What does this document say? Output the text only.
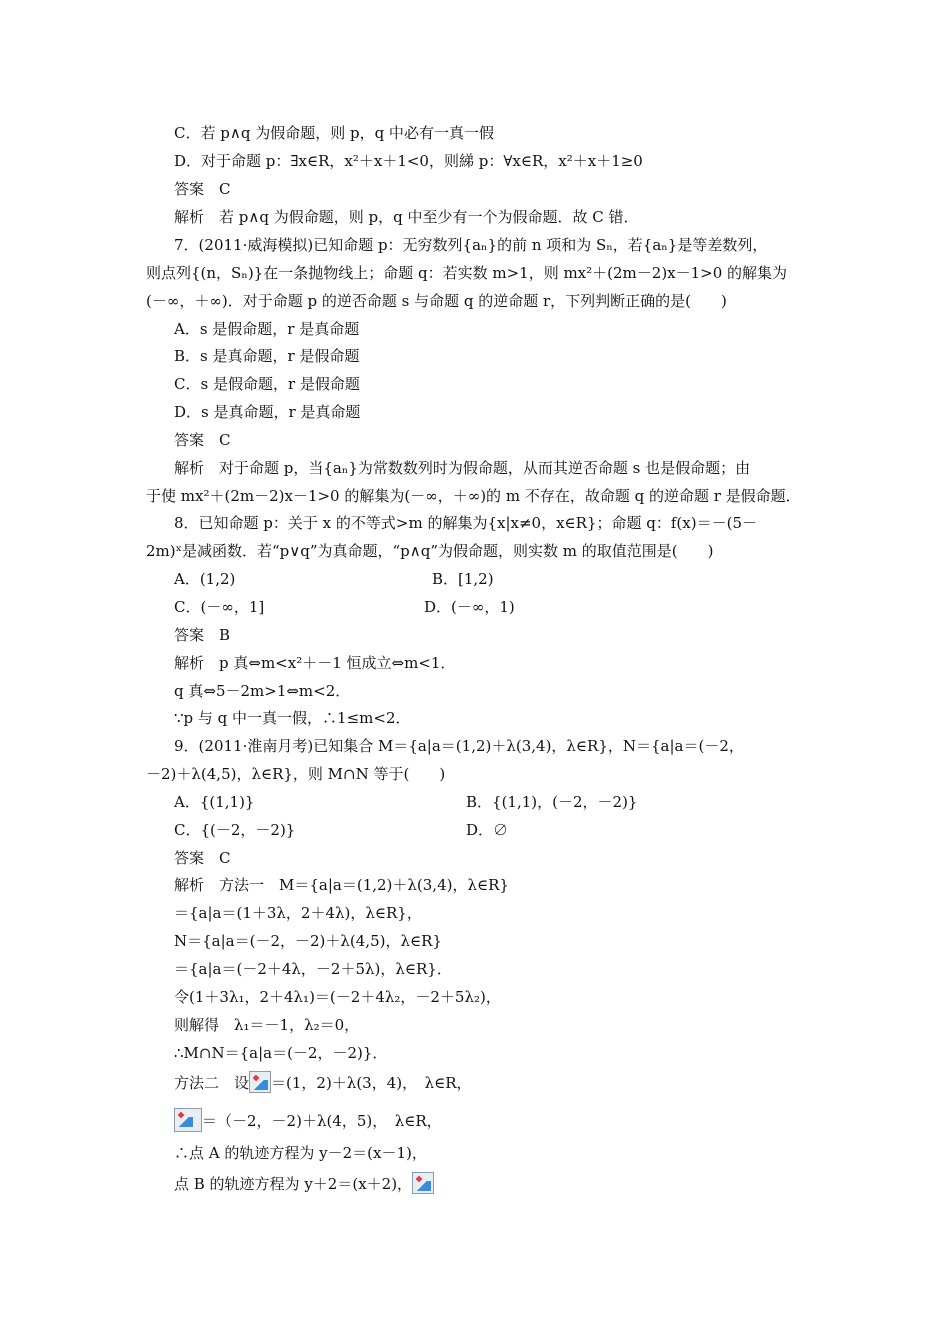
C．若 p∧q 为假命题，则 p，q 中必有一真一假
D．对于命题 p：∃x∈R，x²＋x＋1<0，则綈 p：∀x∈R，x²＋x＋1≥0
答案　C
解析　若 p∧q 为假命题，则 p，q 中至少有一个为假命题．故 C 错．
7．(2011·威海模拟)已知命题 p：无穷数列{aₙ}的前 n 项和为 Sₙ，若{aₙ}是等差数列，
则点列{(n，Sₙ)}在一条抛物线上；命题 q：若实数 m>1，则 mx²＋(2m－2)x－1>0 的解集为
(－∞，＋∞)．对于命题 p 的逆否命题 s 与命题 q 的逆命题 r，下列判断正确的是(　　)
A．s 是假命题，r 是真命题
B．s 是真命题，r 是假命题
C．s 是假命题，r 是假命题
D．s 是真命题，r 是真命题
答案　C
解析　对于命题 p，当{aₙ}为常数数列时为假命题，从而其逆否命题 s 也是假命题；由
于使 mx²＋(2m－2)x－1>0 的解集为(－∞，＋∞)的 m 不存在，故命题 q 的逆命题 r 是假命题．
8．已知命题 p：关于 x 的不等式>m 的解集为{x|x≠0，x∈R}；命题 q：f(x)＝－(5－
2m)ˣ是减函数．若“p∨q”为真命题，“p∧q”为假命题，则实数 m 的取值范围是(　　)
A．(1,2)	B．[1,2)
C．(－∞，1]	D．(－∞，1)
答案　B
解析　p 真⇔m<x²＋－1 恒成立⇔m<1．
q 真⇔5－2m>1⇔m<2．
∵p 与 q 中一真一假，∴1≤m<2．
9．(2011·淮南月考)已知集合 M＝{a|a＝(1,2)＋λ(3,4)，λ∈R}，N＝{a|a＝(－2，
－2)＋λ(4,5)，λ∈R}，则 M∩N 等于(　　)
A．{(1,1)}	B．{(1,1)，(－2，－2)}
C．{(－2，－2)}	D．∅
答案　C
解析　方法一　M＝{a|a＝(1,2)＋λ(3,4)，λ∈R}
＝{a|a＝(1＋3λ，2＋4λ)，λ∈R}，
N＝{a|a＝(－2，－2)＋λ(4,5)，λ∈R}
＝{a|a＝(－2＋4λ，－2＋5λ)，λ∈R}．
令(1＋3λ₁，2＋4λ₁)＝(－2＋4λ₂，－2＋5λ₂)，
则解得　λ₁＝－1，λ₂＝0，
∴M∩N＝{a|a＝(－2，－2)}．
方法二　设 ＝(1，2)＋λ(3，4)，　λ∈R，
＝（－2，－2)＋λ(4，5)，　λ∈R，
∴点 A 的轨迹方程为 y－2＝(x－1)，
点 B 的轨迹方程为 y＋2＝(x＋2)，
